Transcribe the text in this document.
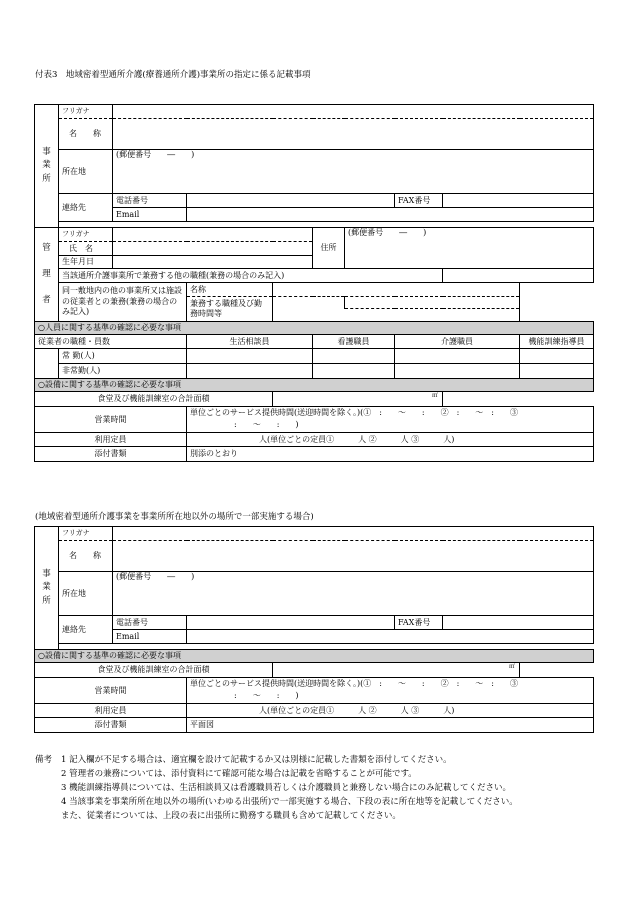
付表3　地域密着型通所介護(療養通所介護)事業所の指定に係る記載事項
事
業
所	フリガナ								
	名　　称								
	所在地	(郵便番号　　―　　)							
	連絡先	電話番号					FAX番号		
		Email							

管

理

者	フリガナ				住所	(郵便番号　　―　　)			
	氏　名								
	生年月日								
	当該通所介護事業所で兼務する他の職種(兼務の場合のみ記入)								
	同一敷地内の他の事業所又は施設の従業者との兼務(兼務の場合のみ記入)		名称						
			兼務する職種及び勤務時間等						

○人員に関する基準の確認に必要な事項									
従業者の職種・員数			生活相談員		看護職員		介護職員		機能訓練指導員
	常 勤(人)								
	非常勤(人)								
○設備に関する基準の確認に必要な事項									
食堂及び機能訓練室の合計面積				㎡					

営業時間			単位ごとのサービス提供時間(送迎時間を除く。)(①　:　　〜　　:　　②　:　　〜　:　　③
:　　〜　　:　　)						

利用定員			人(単位ごとの定員①　　　人 ②　　　人 ③　　　人)						
添付書類			別添のとおり						
(地域密着型通所介護事業を事業所所在地以外の場所で一部実施する場合)
事
業
所	フリガナ						
	名　　称						
	所在地	(郵便番号　　―　　)					
	連絡先	電話番号			FAX番号		
		Email					

○設備に関する基準の確認に必要な事項							
食堂及び機能訓練室の合計面積				㎡			

営業時間			単位ごとのサービス提供時間(送迎時間を除く。)(①　:　　〜　　:　　②　:　　〜　:　　③
:　　〜　　:　　)				

利用定員			人(単位ごとの定員①　　　人 ②　　　人 ③　　　人)				
添付書類			平面図				
備考 1 記入欄が不足する場合は、適宜欄を設けて記載するか又は別様に記載した書類を添付してください。
2 管理者の兼務については、添付資料にて確認可能な場合は記載を省略することが可能です。
3 機能訓練指導員については、生活相談員又は看護職員若しくは介護職員と兼務しない場合にのみ記載してください。
4 当該事業を事業所所在地以外の場所(いわゆる出張所)で一部実施する場合、下段の表に所在地等を記載してください。
また、従業者については、上段の表に出張所に勤務する職員も含めて記載してください。
